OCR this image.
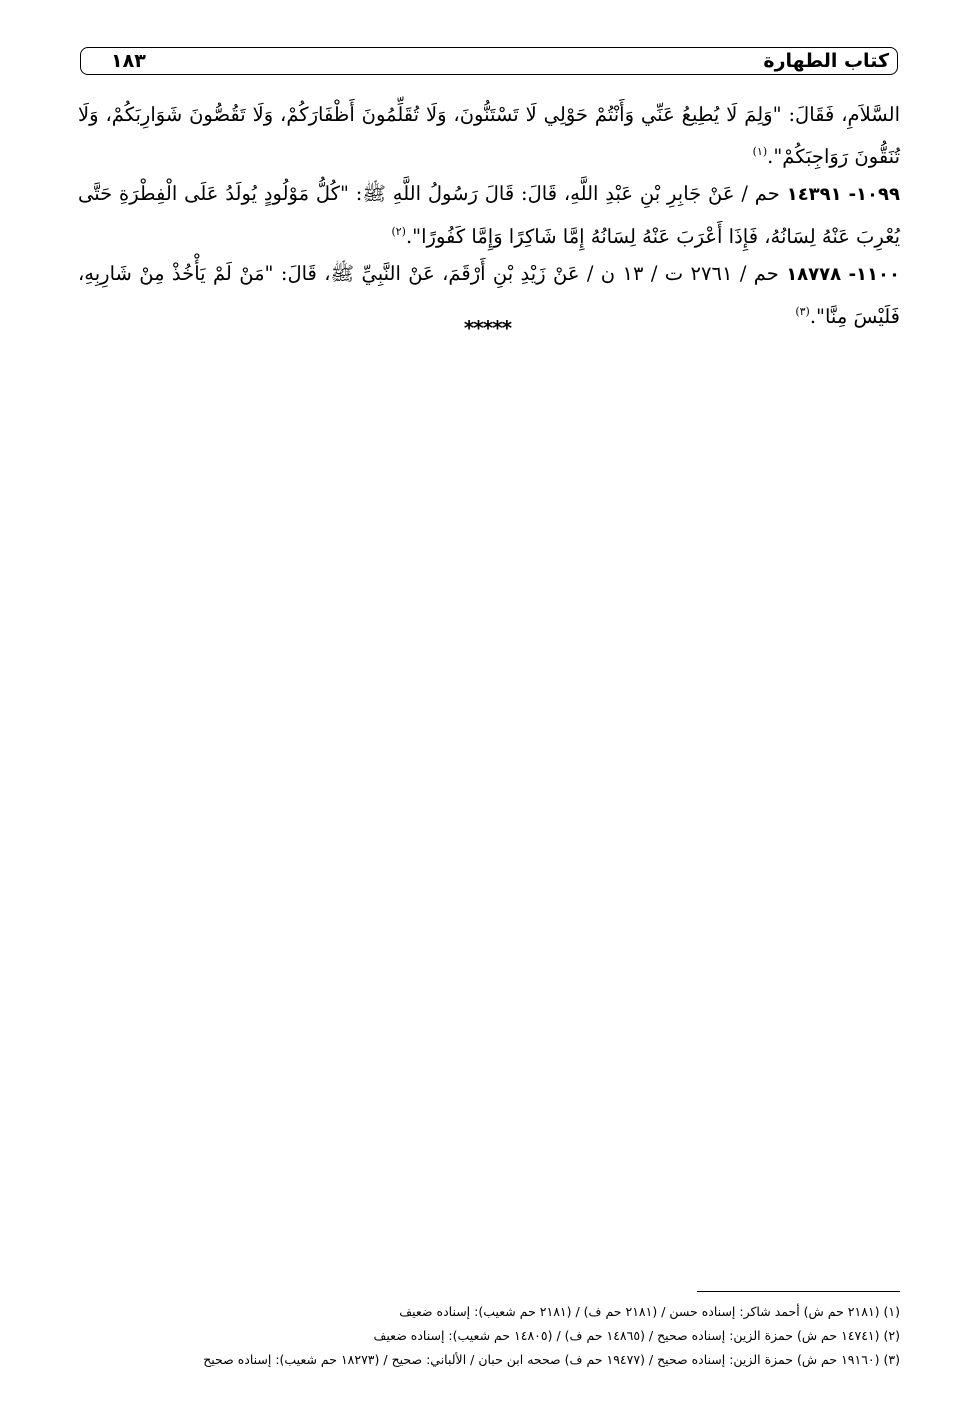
كتاب الطهارة
١٨٣

السَّلاَمِ، فَقَالَ: "وَلِمَ لَا يُطِيعُ عَنِّي وَأَنْتُمْ حَوْلِي لَا تَسْتَنُّونَ، وَلَا تُقَلِّمُونَ أَظْفَارَكُمْ، وَلَا تَقُصُّونَ شَوَارِبَكُمْ، وَلَا تُنَقُّونَ رَوَاجِبَكُمْ".$^{(١)}$

١٠٩٩- ١٤٣٩١ حم / عَنْ جَابِرِ بْنِ عَبْدِ اللَّهِ، قَالَ: قَالَ رَسُولُ اللَّهِ ﷺ: "كُلُّ مَوْلُودٍ يُولَدُ عَلَى الْفِطْرَةِ حَتَّى يُعْرِبَ عَنْهُ لِسَانُهُ، فَإِذَا أَعْرَبَ عَنْهُ لِسَانُهُ إِمَّا شَاكِرًا وَإِمَّا كَفُورًا".$^{(٢)}$

١١٠٠- ١٨٧٧٨ حم / ٢٧٦١ ت / ١٣ ن / عَنْ زَيْدِ بْنِ أَرْقَمَ، عَنْ النَّبِيِّ ﷺ، قَالَ: "مَنْ لَمْ يَأْخُذْ مِنْ شَارِبِهِ، فَلَيْسَ مِنَّا".$^{(٣)}$

*****
(١) (٢١٨١ حم ش) أحمد شاكر: إسناده حسن / (٢١٨١ حم ف) / (٢١٨١ حم شعيب): إسناده ضعيف
(٢) (١٤٧٤١ حم ش) حمزة الزين: إسناده صحيح / (١٤٨٦٥ حم ف) / (١٤٨٠٥ حم شعيب): إسناده ضعيف
(٣) (١٩١٦٠ حم ش) حمزة الزين: إسناده صحيح / (١٩٤٧٧ حم ف) صححه ابن حبان / الألباني: صحيح / (١٨٢٧٣ حم شعيب): إسناده صحيح
